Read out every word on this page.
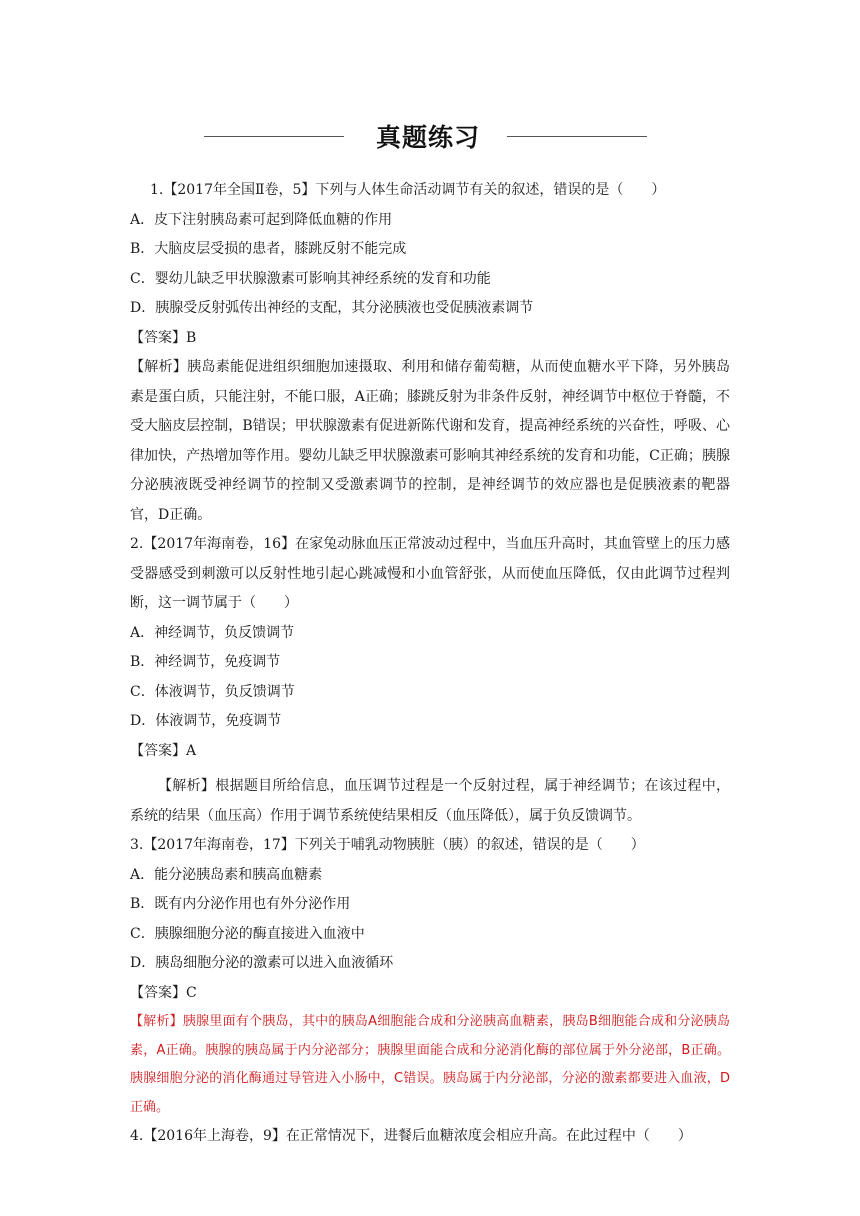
真题练习
1.【2017年全国Ⅱ卷，5】下列与人体生命活动调节有关的叙述，错误的是（　　）
A．皮下注射胰岛素可起到降低血糖的作用
B．大脑皮层受损的患者，膝跳反射不能完成
C．婴幼儿缺乏甲状腺激素可影响其神经系统的发育和功能
D．胰腺受反射弧传出神经的支配，其分泌胰液也受促胰液素调节
【答案】B
【解析】胰岛素能促进组织细胞加速摄取、利用和储存葡萄糖，从而使血糖水平下降，另外胰岛素是蛋白质，只能注射，不能口服，A正确；膝跳反射为非条件反射，神经调节中枢位于脊髓，不受大脑皮层控制，B错误；甲状腺激素有促进新陈代谢和发育，提高神经系统的兴奋性，呼吸、心律加快，产热增加等作用。婴幼儿缺乏甲状腺激素可影响其神经系统的发育和功能，C正确；胰腺分泌胰液既受神经调节的控制又受激素调节的控制，是神经调节的效应器也是促胰液素的靶器官，D正确。
2.【2017年海南卷，16】在家兔动脉血压正常波动过程中，当血压升高时，其血管壁上的压力感受器感受到刺激可以反射性地引起心跳减慢和小血管舒张，从而使血压降低，仅由此调节过程判断，这一调节属于（　　）
A．神经调节，负反馈调节
B．神经调节，免疫调节
C．体液调节，负反馈调节
D．体液调节，免疫调节
【答案】A
【解析】根据题目所给信息，血压调节过程是一个反射过程，属于神经调节；在该过程中，系统的结果（血压高）作用于调节系统使结果相反（血压降低），属于负反馈调节。
3.【2017年海南卷，17】下列关于哺乳动物胰脏（胰）的叙述，错误的是（　　）
A．能分泌胰岛素和胰高血糖素
B．既有内分泌作用也有外分泌作用
C．胰腺细胞分泌的酶直接进入血液中
D．胰岛细胞分泌的激素可以进入血液循环
【答案】C
【解析】胰腺里面有个胰岛，其中的胰岛A细胞能合成和分泌胰高血糖素，胰岛B细胞能合成和分泌胰岛素，A正确。胰腺的胰岛属于内分泌部分；胰腺里面能合成和分泌消化酶的部位属于外分泌部，B正确。胰腺细胞分泌的消化酶通过导管进入小肠中，C错误。胰岛属于内分泌部，分泌的激素都要进入血液，D正确。
4.【2016年上海卷，9】在正常情况下，进餐后血糖浓度会相应升高。在此过程中（　　）
